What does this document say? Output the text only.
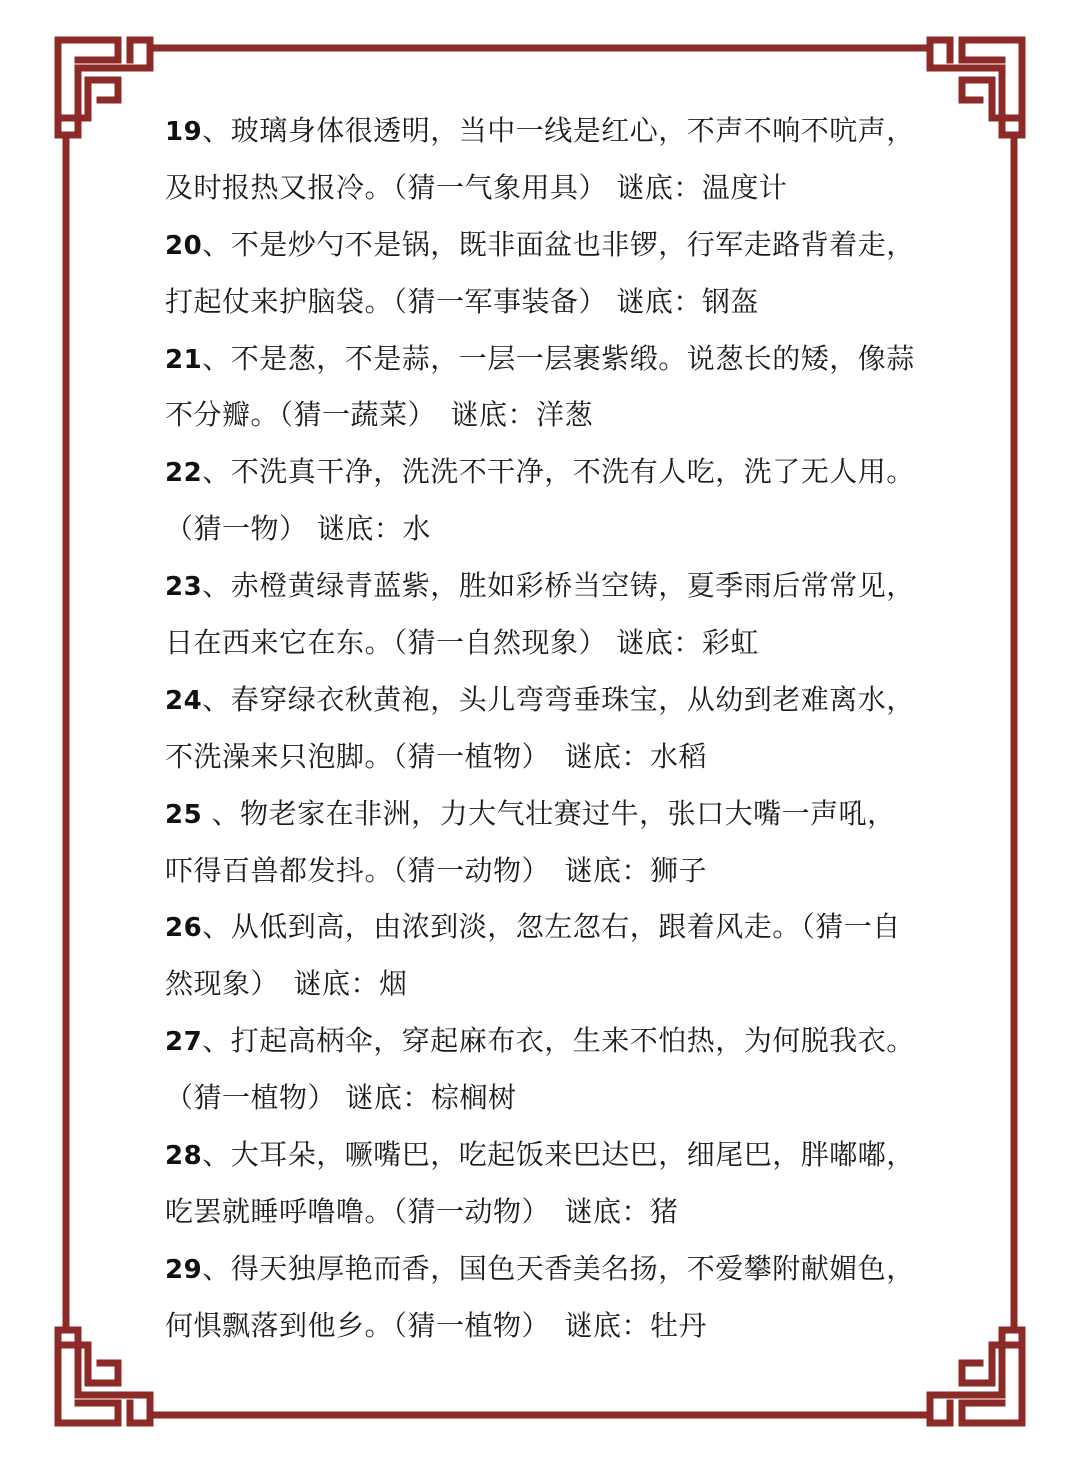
19、玻璃身体很透明，当中一线是红心，不声不响不吭声，
及时报热又报冷。（猜一气象用具） 谜底：温度计
20、不是炒勺不是锅，既非面盆也非锣，行军走路背着走，
打起仗来护脑袋。（猜一军事装备） 谜底：钢盔
21、不是葱，不是蒜，一层一层裹紫缎。说葱长的矮，像蒜
不分瓣。（猜一蔬菜）　谜底：洋葱
22、不洗真干净，洗洗不干净，不洗有人吃，洗了无人用。
（猜一物） 谜底：水
23、赤橙黄绿青蓝紫，胜如彩桥当空铸，夏季雨后常常见，
日在西来它在东。（猜一自然现象） 谜底：彩虹
24、春穿绿衣秋黄袍，头儿弯弯垂珠宝，从幼到老难离水，
不洗澡来只泡脚。（猜一植物）　谜底：水稻
25 、物老家在非洲，力大气壮赛过牛，张口大嘴一声吼，
吓得百兽都发抖。（猜一动物）　谜底：狮子
26、从低到高，由浓到淡，忽左忽右，跟着风走。（猜一自
然现象）　谜底：烟
27、打起高柄伞，穿起麻布衣，生来不怕热，为何脱我衣。
（猜一植物） 谜底：棕榈树
28、大耳朵，噘嘴巴，吃起饭来巴达巴，细尾巴，胖嘟嘟，
吃罢就睡呼噜噜。（猜一动物）　谜底：猪
29、得天独厚艳而香，国色天香美名扬，不爱攀附献媚色，
何惧飘落到他乡。（猜一植物）　谜底：牡丹
